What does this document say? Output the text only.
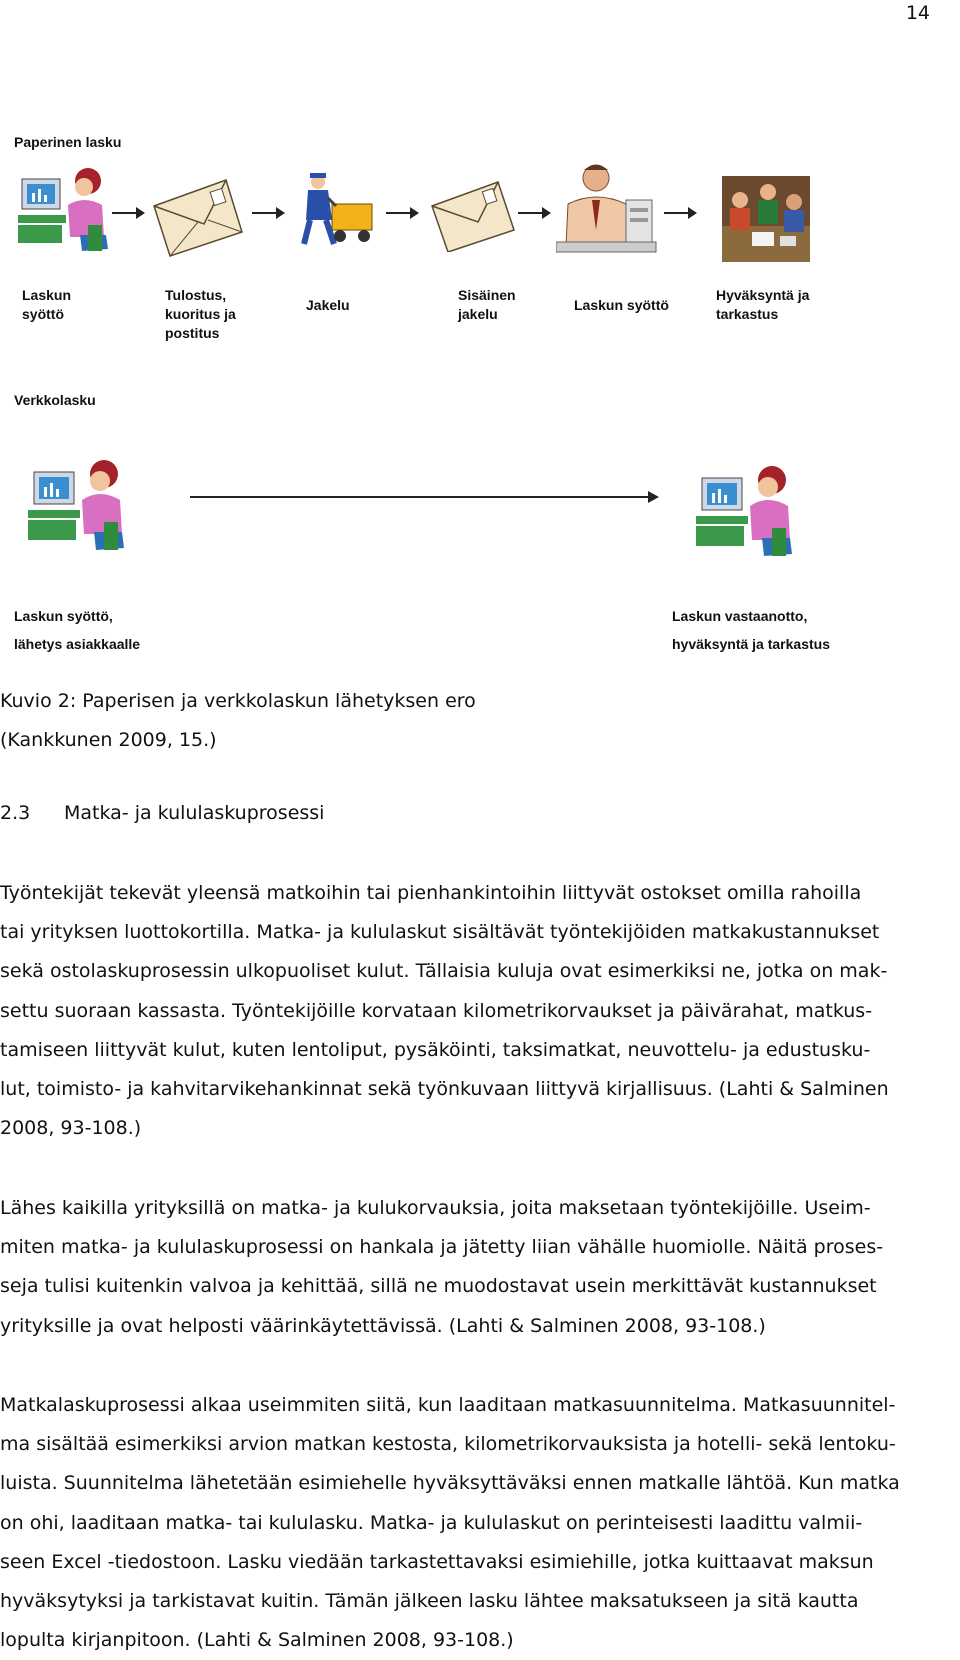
14
Paperinen lasku
Laskun
syöttö
Tulostus,
kuoritus ja
postitus
Jakelu
Sisäinen
jakelu
Laskun syöttö
Hyväksyntä ja
tarkastus
Verkkolasku
Laskun syöttö,
lähetys asiakkaalle
Laskun vastaanotto,
hyväksyntä ja tarkastus
Kuvio 2: Paperisen ja verkkolaskun lähetyksen ero
(Kankkunen 2009, 15.)
2.3	Matka- ja kululaskuprosessi

Työntekijät tekevät yleensä matkoihin tai pienhankintoihin liittyvät ostokset omilla rahoilla
tai yrityksen luottokortilla. Matka- ja kululaskut sisältävät työntekijöiden matkakustannukset
sekä ostolaskuprosessin ulkopuoliset kulut. Tällaisia kuluja ovat esimerkiksi ne, jotka on mak-
settu suoraan kassasta. Työntekijöille korvataan kilometrikorvaukset ja päivärahat, matkus-
tamiseen liittyvät kulut, kuten lentoliput, pysäköinti, taksimatkat, neuvottelu- ja edustusku-
lut, toimisto- ja kahvitarvikehankinnat sekä työnkuvaan liittyvä kirjallisuus. (Lahti & Salminen
2008, 93-108.)

Lähes kaikilla yrityksillä on matka- ja kulukorvauksia, joita maksetaan työntekijöille. Useim-
miten matka- ja kululaskuprosessi on hankala ja jätetty liian vähälle huomiolle. Näitä proses-
seja tulisi kuitenkin valvoa ja kehittää, sillä ne muodostavat usein merkittävät kustannukset
yrityksille ja ovat helposti väärinkäytettävissä. (Lahti & Salminen 2008, 93-108.)

Matkalaskuprosessi alkaa useimmiten siitä, kun laaditaan matkasuunnitelma. Matkasuunnitel-
ma sisältää esimerkiksi arvion matkan kestosta, kilometrikorvauksista ja hotelli- sekä lentoku-
luista. Suunnitelma lähetetään esimiehelle hyväksyttäväksi ennen matkalle lähtöä. Kun matka
on ohi, laaditaan matka- tai kululasku. Matka- ja kululaskut on perinteisesti laadittu valmii-
seen Excel -tiedostoon. Lasku viedään tarkastettavaksi esimiehille, jotka kuittaavat maksun
hyväksytyksi ja tarkistavat kuitin. Tämän jälkeen lasku lähtee maksatukseen ja sitä kautta
lopulta kirjanpitoon. (Lahti & Salminen 2008, 93-108.)
